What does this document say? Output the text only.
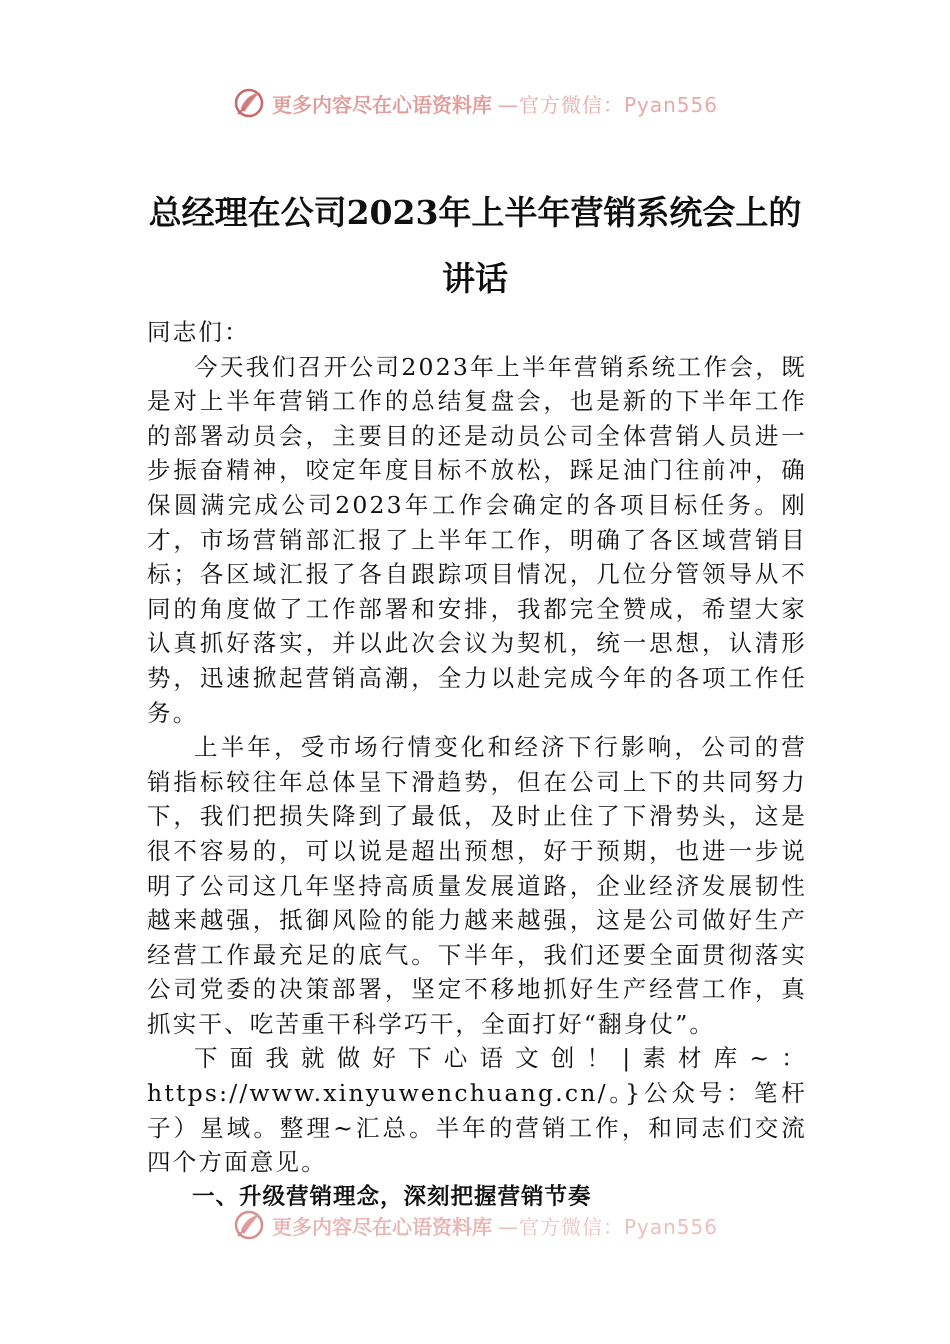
更多内容尽在心语资料库 —官方微信：Pyan556
总经理在公司2023年上半年营销系统会上的讲话

同志们：

今天我们召开公司2023年上半年营销系统工作会，既是对上半年营销工作的总结复盘会，也是新的下半年工作的部署动员会，主要目的还是动员公司全体营销人员进一步振奋精神，咬定年度目标不放松，踩足油门往前冲，确保圆满完成公司2023年工作会确定的各项目标任务。刚才，市场营销部汇报了上半年工作，明确了各区域营销目标；各区域汇报了各自跟踪项目情况，几位分管领导从不同的角度做了工作部署和安排，我都完全赞成，希望大家认真抓好落实，并以此次会议为契机，统一思想，认清形势，迅速掀起营销高潮，全力以赴完成今年的各项工作任务。

上半年，受市场行情变化和经济下行影响，公司的营销指标较往年总体呈下滑趋势，但在公司上下的共同努力下，我们把损失降到了最低，及时止住了下滑势头，这是很不容易的，可以说是超出预想，好于预期，也进一步说明了公司这几年坚持高质量发展道路，企业经济发展韧性越来越强，抵御风险的能力越来越强，这是公司做好生产经营工作最充足的底气。下半年，我们还要全面贯彻落实公司党委的决策部署，坚定不移地抓好生产经营工作，真抓实干、吃苦重干科学巧干，全面打好“翻身仗”。

下面我就做好下心语文创！|素材库~：https://www.xinyuwenchuang.cn/。}公众号：笔杆子）星域。整理~汇总。半年的营销工作，和同志们交流四个方面意见。

一、升级营销理念，深刻把握营销节奏

更多内容尽在心语资料库 —官方微信：Pyan556
